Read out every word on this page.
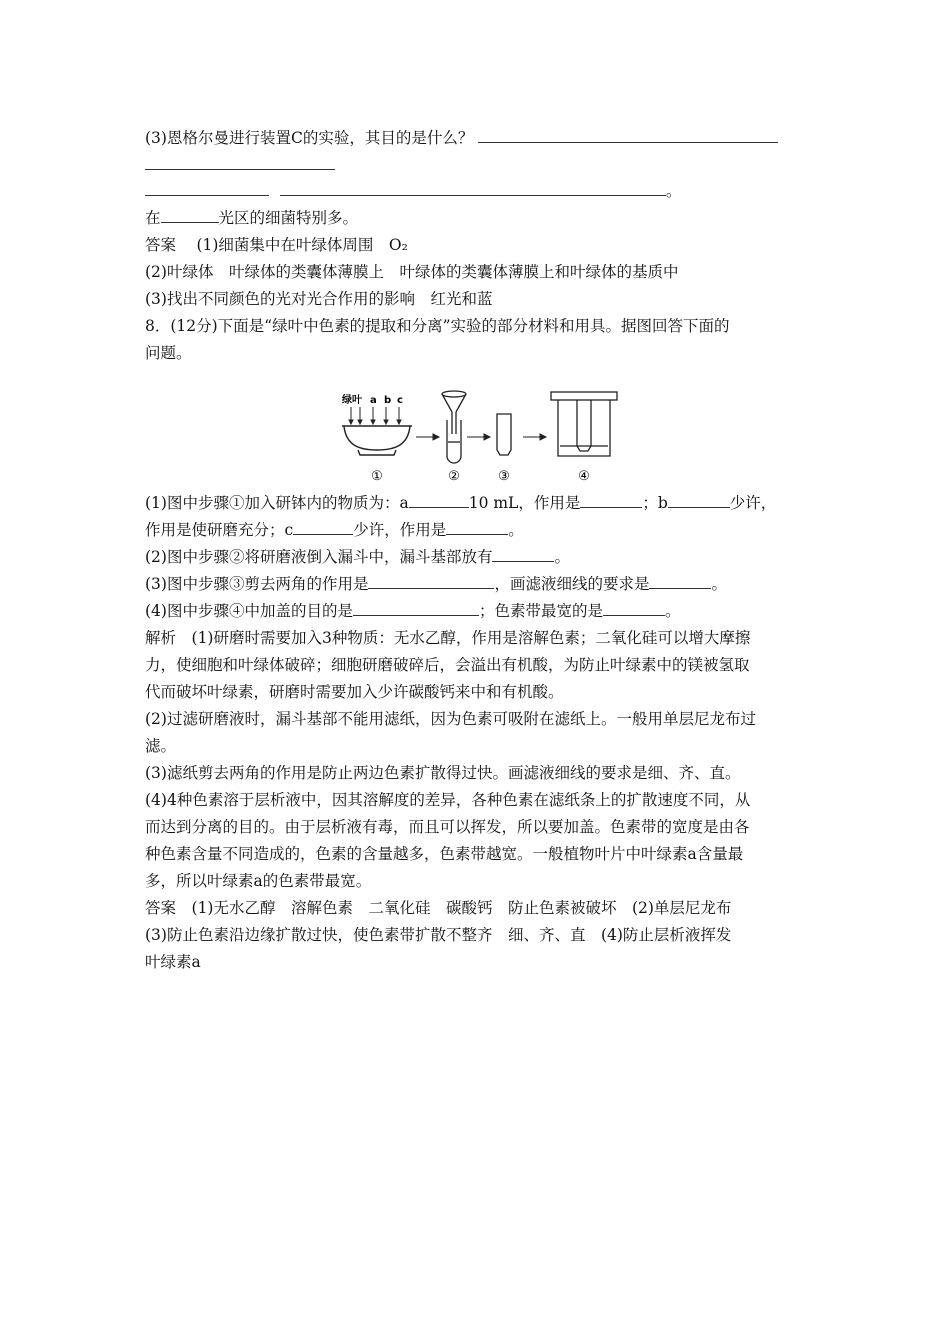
(3)恩格尔曼进行装置C的实验，其目的是什么？
。
在	光区的细菌特别多。
答案　 (1)细菌集中在叶绿体周围　O₂
(2)叶绿体　叶绿体的类囊体薄膜上　叶绿体的类囊体薄膜上和叶绿体的基质中
(3)找出不同颜色的光对光合作用的影响　红光和蓝
8．(12分)下面是“绿叶中色素的提取和分离”实验的部分材料和用具。据图回答下面的
问题。
绿叶 a b c
①	②	③	④
(1)图中步骤①加入研钵内的物质为：a	10 mL，作用是	；b	少许，
作用是使研磨充分；c	少许，作用是	。
(2)图中步骤②将研磨液倒入漏斗中，漏斗基部放有	。
(3)图中步骤③剪去两角的作用是	，画滤液细线的要求是	。
(4)图中步骤④中加盖的目的是	；色素带最宽的是	。
解析　(1)研磨时需要加入3种物质：无水乙醇，作用是溶解色素；二氧化硅可以增大摩擦
力，使细胞和叶绿体破碎；细胞研磨破碎后，会溢出有机酸，为防止叶绿素中的镁被氢取
代而破坏叶绿素，研磨时需要加入少许碳酸钙来中和有机酸。
(2)过滤研磨液时，漏斗基部不能用滤纸，因为色素可吸附在滤纸上。一般用单层尼龙布过
滤。
(3)滤纸剪去两角的作用是防止两边色素扩散得过快。画滤液细线的要求是细、齐、直。
(4)4种色素溶于层析液中，因其溶解度的差异，各种色素在滤纸条上的扩散速度不同，从
而达到分离的目的。由于层析液有毒，而且可以挥发，所以要加盖。色素带的宽度是由各
种色素含量不同造成的，色素的含量越多，色素带越宽。一般植物叶片中叶绿素a含量最
多，所以叶绿素a的色素带最宽。
答案　(1)无水乙醇　溶解色素　二氧化硅　碳酸钙　防止色素被破坏　(2)单层尼龙布
(3)防止色素沿边缘扩散过快，使色素带扩散不整齐　细、齐、直　(4)防止层析液挥发
叶绿素a
